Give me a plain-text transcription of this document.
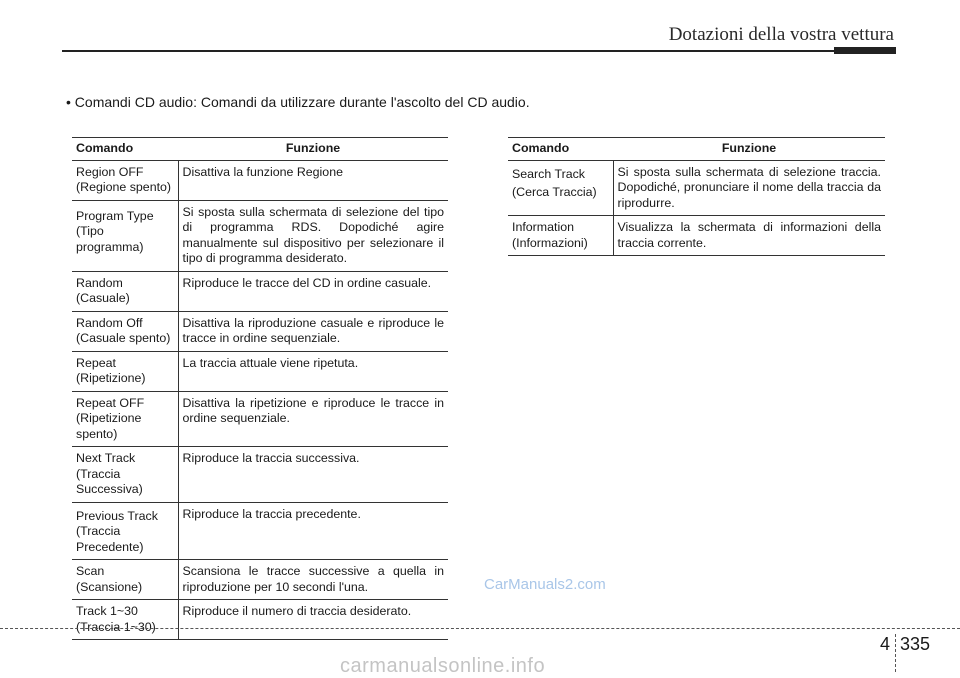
Dotazioni della vostra vettura
• Comandi CD audio: Comandi da utilizzare durante l'ascolto del CD audio.
Comando	Funzione
Region OFF
(Regione spento)	Disattiva la funzione Regione
Program Type
(Tipo
programma)	Si sposta sulla schermata di selezione del tipo di programma RDS. Dopodiché agire manualmente sul dispositivo per selezionare il tipo di programma desiderato.
Random
(Casuale)	Riproduce le tracce del CD in ordine casuale.
Random Off
(Casuale spento)	Disattiva la riproduzione casuale e riproduce le tracce in ordine sequenziale.
Repeat
(Ripetizione)	La traccia attuale viene ripetuta.
Repeat OFF
(Ripetizione
spento)	Disattiva la ripetizione e riproduce le tracce in ordine sequenziale.
Next Track
(Traccia
Successiva)	Riproduce la traccia successiva.
Previous Track
(Traccia
Precedente)	Riproduce la traccia precedente.
Scan
(Scansione)	Scansiona le tracce successive a quella in riproduzione per 10 secondi l'una.
Track 1~30
(Traccia 1~30)	Riproduce il numero di traccia desiderato.
Comando	Funzione
Search Track
(Cerca Traccia)	Si sposta sulla schermata di selezione traccia. Dopodiché, pronunciare il nome della traccia da riprodurre.
Information
(Informazioni)	Visualizza la schermata di informazioni della traccia corrente.
CarManuals2.com
4 335
carmanualsonline.info
